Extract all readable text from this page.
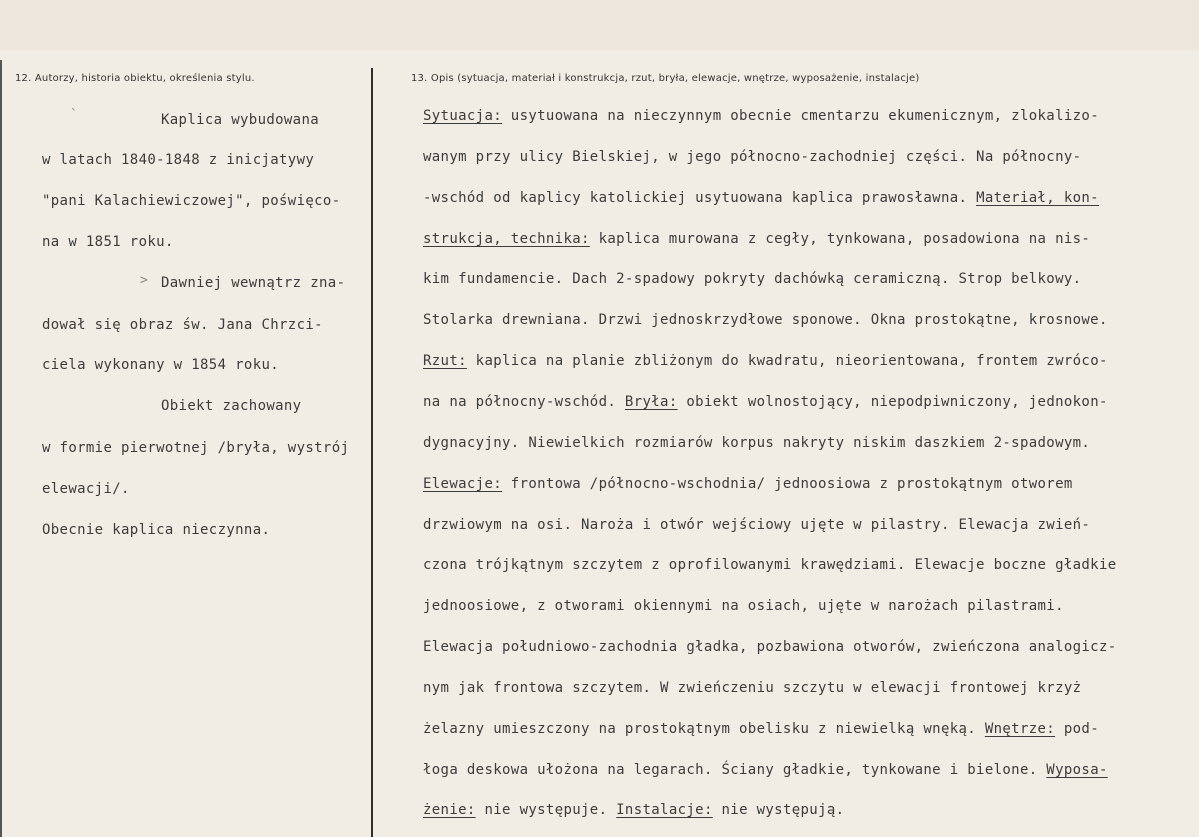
12. Autorzy, historia obiektu, określenia stylu.	13. Opis (sytuacja, materiał i konstrukcja, rzut, bryła, elewacje, wnętrze, wyposażenie, instalacje)
`
>
Kaplica wybudowana
w latach 1840-1848 z inicjatywy
"pani Kalachiewiczowej", poświęco-
na w 1851 roku.
Dawniej wewnątrz zna-
dował się obraz św. Jana Chrzci-
ciela wykonany w 1854 roku.
Obiekt zachowany
w formie pierwotnej /bryła, wystrój
elewacji/.
Obecnie kaplica nieczynna.
Sytuacja: usytuowana na nieczynnym obecnie cmentarzu ekumenicznym, zlokalizo-
wanym przy ulicy Bielskiej, w jego północno-zachodniej części. Na północny-
-wschód od kaplicy katolickiej usytuowana kaplica prawosławna. Materiał, kon-
strukcja, technika: kaplica murowana z cegły, tynkowana, posadowiona na nis-
kim fundamencie. Dach 2-spadowy pokryty dachówką ceramiczną. Strop belkowy.
Stolarka drewniana. Drzwi jednoskrzydłowe sponowe. Okna prostokątne, krosnowe.
Rzut: kaplica na planie zbliżonym do kwadratu, nieorientowana, frontem zwróco-
na na północny-wschód. Bryła: obiekt wolnostojący, niepodpiwniczony, jednokon-
dygnacyjny. Niewielkich rozmiarów korpus nakryty niskim daszkiem 2-spadowym.
Elewacje: frontowa /północno-wschodnia/ jednoosiowa z prostokątnym otworem
drzwiowym na osi. Naroża i otwór wejściowy ujęte w pilastry. Elewacja zwień-
czona trójkątnym szczytem z oprofilowanymi krawędziami. Elewacje boczne gładkie
jednoosiowe, z otworami okiennymi na osiach, ujęte w narożach pilastrami.
Elewacja południowo-zachodnia gładka, pozbawiona otworów, zwieńczona analogicz-
nym jak frontowa szczytem. W zwieńczeniu szczytu w elewacji frontowej krzyż
żelazny umieszczony na prostokątnym obelisku z niewielką wnęką. Wnętrze: pod-
łoga deskowa ułożona na legarach. Ściany gładkie, tynkowane i bielone. Wyposa-
żenie: nie występuje. Instalacje: nie występują.
